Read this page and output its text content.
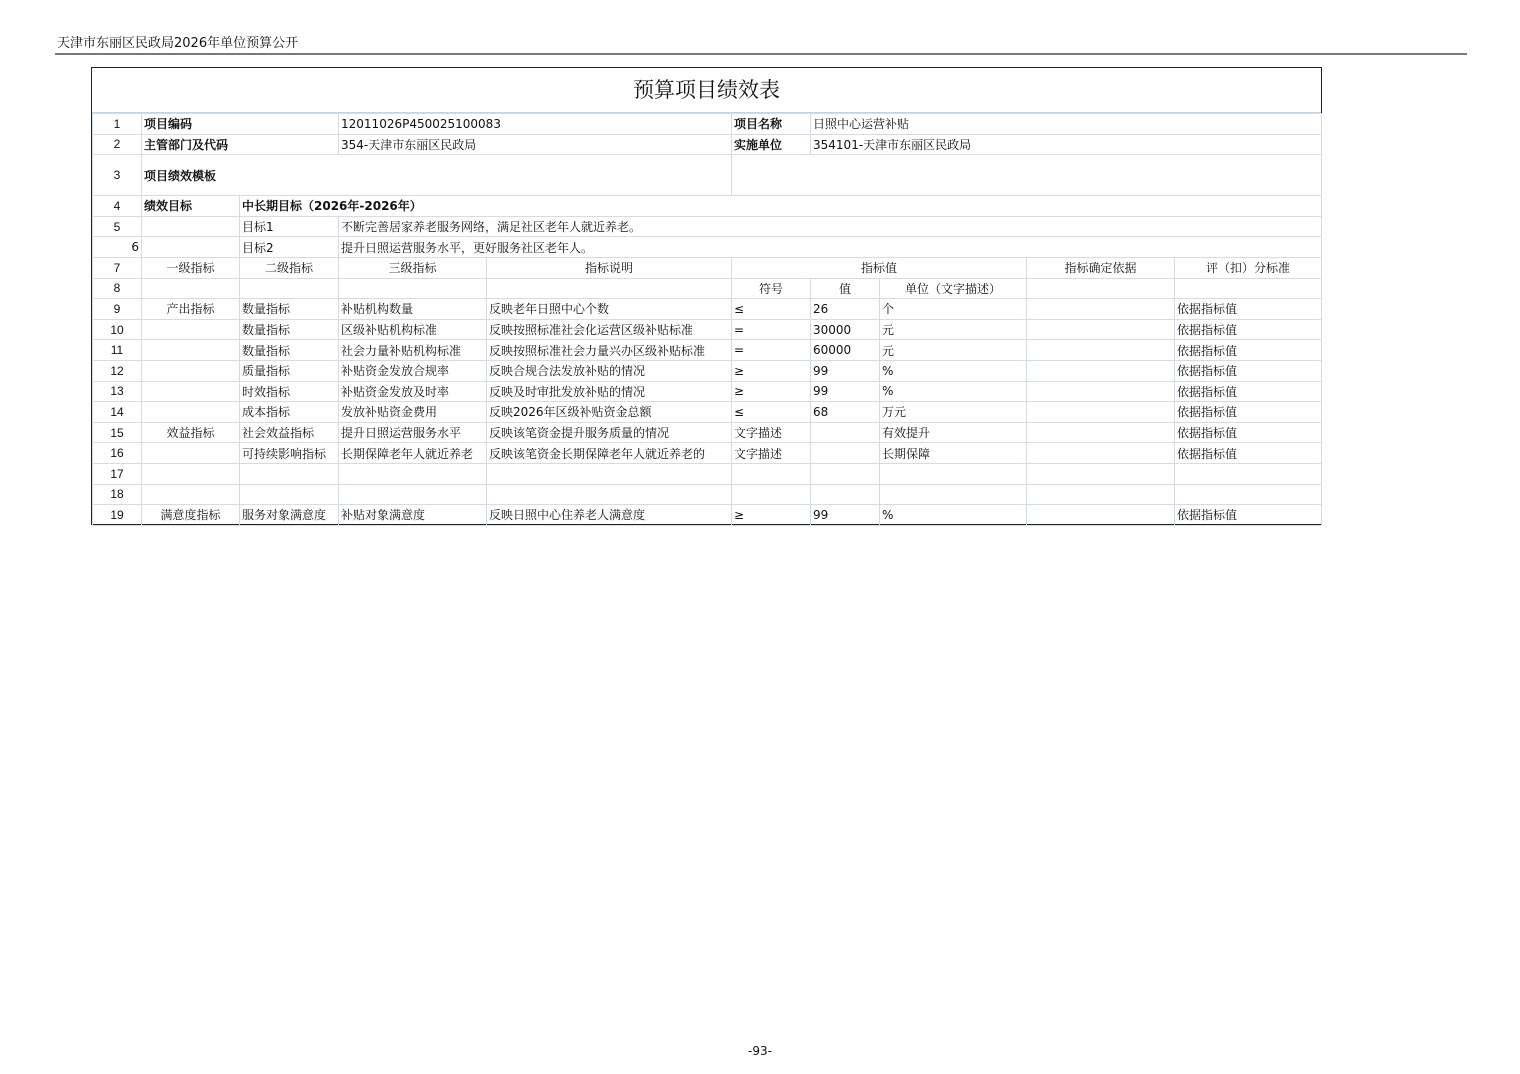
天津市东丽区民政局2026年单位预算公开
预算项目绩效表
1	项目编码		12011026P450025100083		项目名称	日照中心运营补贴			
2	主管部门及代码		354-天津市东丽区民政局		实施单位	354101-天津市东丽区民政局			
3	项目绩效模板								
4	绩效目标	中长期目标（2026年-2026年）							
5		目标1	不断完善居家养老服务网络，满足社区老年人就近养老。						
6		目标2	提升日照运营服务水平，更好服务社区老年人。						
7	一级指标	二级指标	三级指标	指标说明	指标值			指标确定依据	评（扣）分标准
8					符号	值	单位（文字描述）		
9	产出指标	数量指标	补贴机构数量	反映老年日照中心个数	≤	26	个		依据指标值
10		数量指标	区级补贴机构标准	反映按照标准社会化运营区级补贴标准	=	30000	元		依据指标值
11		数量指标	社会力量补贴机构标准	反映按照标准社会力量兴办区级补贴标准	=	60000	元		依据指标值
12		质量指标	补贴资金发放合规率	反映合规合法发放补贴的情况	≥	99	%		依据指标值
13		时效指标	补贴资金发放及时率	反映及时审批发放补贴的情况	≥	99	%		依据指标值
14		成本指标	发放补贴资金费用	反映2026年区级补贴资金总额	≤	68	万元		依据指标值
15	效益指标	社会效益指标	提升日照运营服务水平	反映该笔资金提升服务质量的情况	文字描述		有效提升		依据指标值
16		可持续影响指标	长期保障老年人就近养老	反映该笔资金长期保障老年人就近养老的	文字描述		长期保障		依据指标值
17									
18									
19	满意度指标	服务对象满意度	补贴对象满意度	反映日照中心住养老人满意度	≥	99	%		依据指标值
-93-
